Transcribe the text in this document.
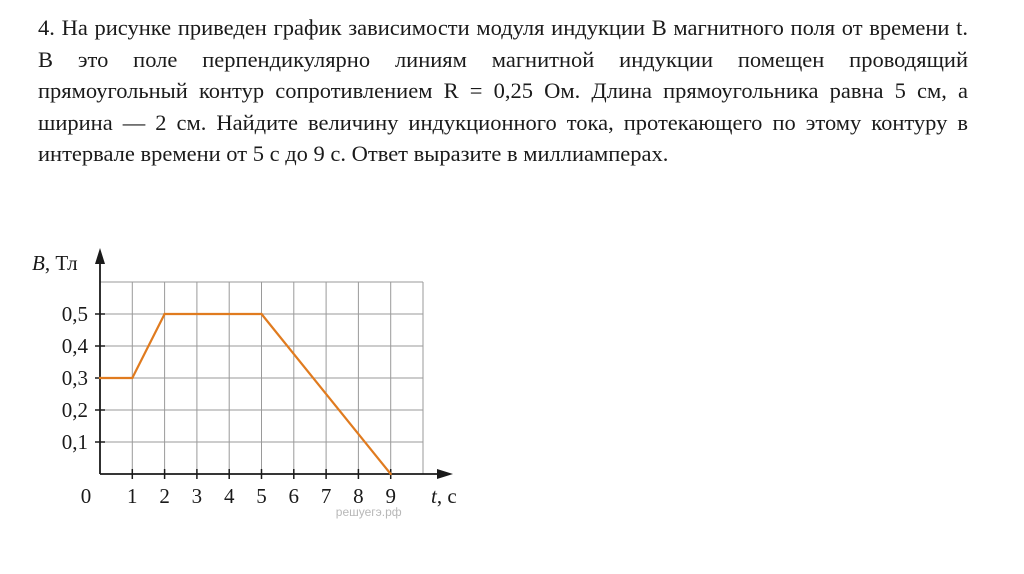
4. На рисунке приведен график зависимости модуля индукции B магнитного поля от времени t. В это поле перпендикулярно линиям магнитной индукции помещен проводящий прямоугольный контур сопротивлением R = 0,25 Ом. Длина прямоугольника равна 5 см, а ширина — 2 см. Найдите величину индукционного тока, протекающего по этому контуру в интервале времени от 5 с до 9 с. Ответ выразите в миллиамперах.

1 2 3 4 5 6 7 8 9
0,1
0,2
0,3
0,4
0,5
0
B, Тл
t, с
решуегэ.рф
